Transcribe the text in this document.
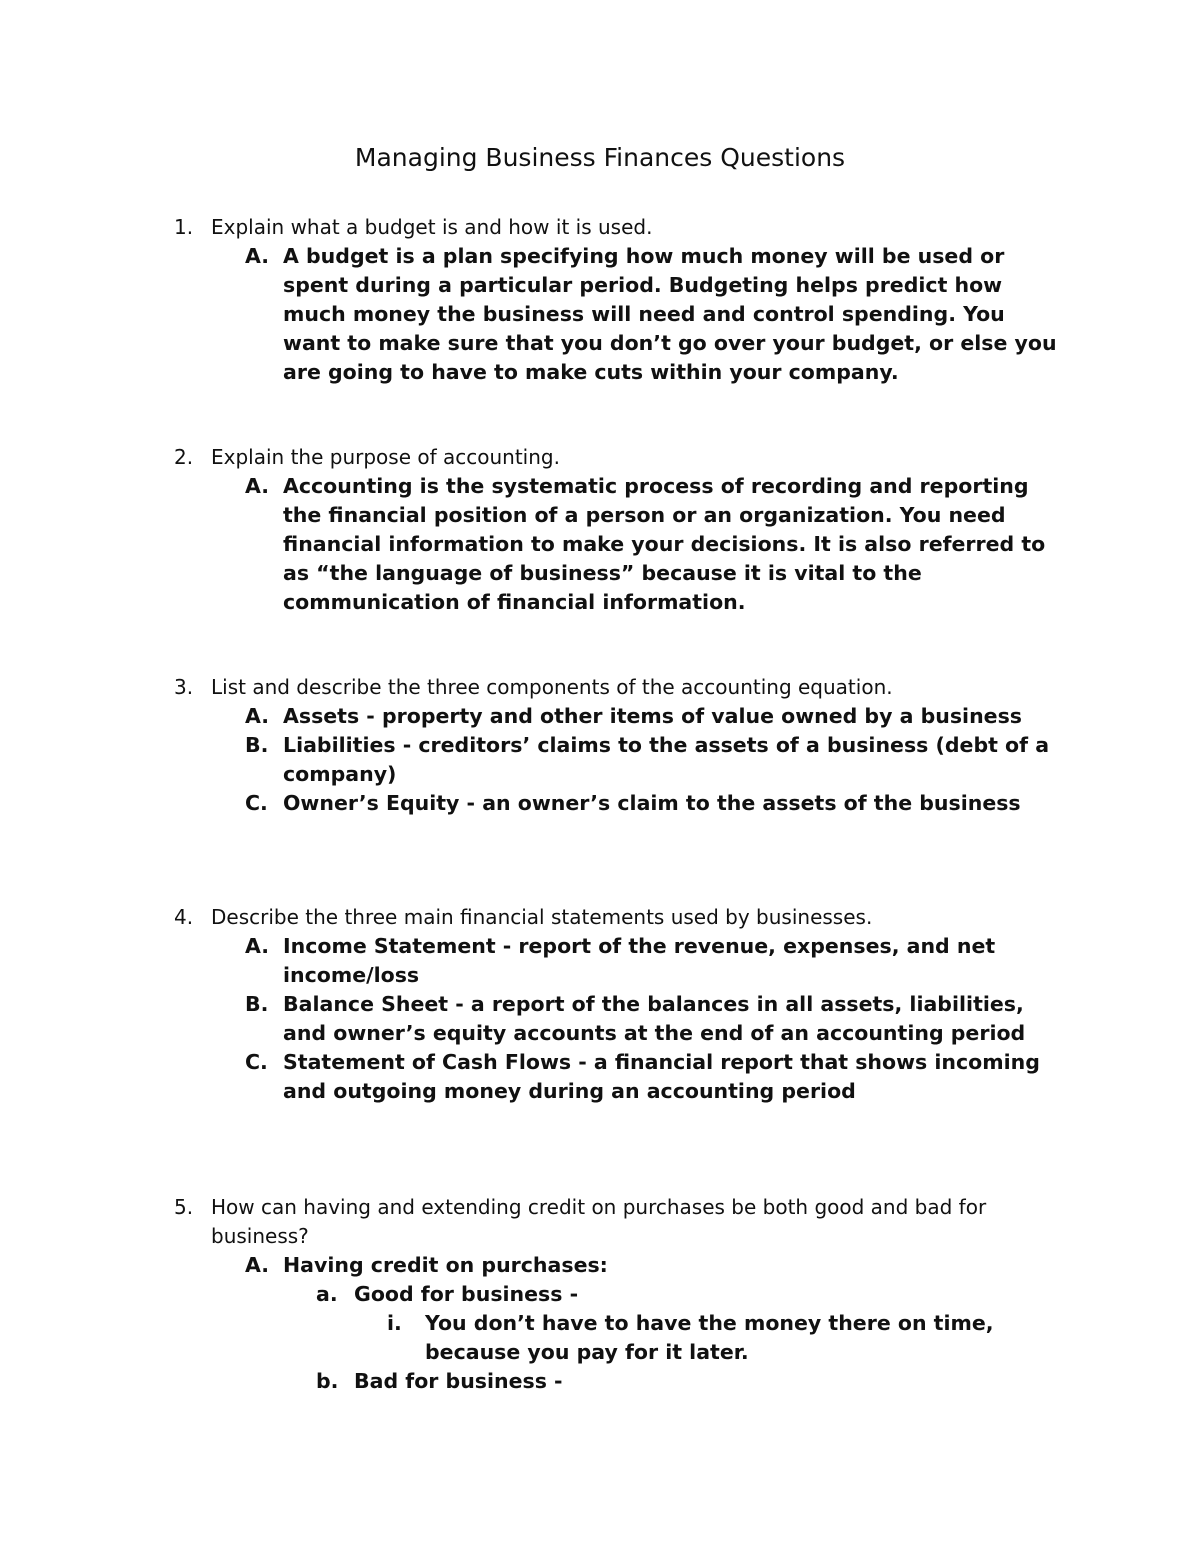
Managing Business Finances Questions
1. Explain what a budget is and how it is used.
A. A budget is a plan specifying how much money will be used or spent during a particular period. Budgeting helps predict how much money the business will need and control spending. You want to make sure that you don’t go over your budget, or else you are going to have to make cuts within your company.
2. Explain the purpose of accounting.
A. Accounting is the systematic process of recording and reporting the financial position of a person or an organization. You need financial information to make your decisions. It is also referred to as “the language of business” because it is vital to the communication of financial information.
3. List and describe the three components of the accounting equation.
A. Assets - property and other items of value owned by a business
B. Liabilities - creditors’ claims to the assets of a business (debt of a company)
C. Owner’s Equity - an owner’s claim to the assets of the business
4. Describe the three main financial statements used by businesses.
A. Income Statement - report of the revenue, expenses, and net income/loss
B. Balance Sheet - a report of the balances in all assets, liabilities, and owner’s equity accounts at the end of an accounting period
C. Statement of Cash Flows - a financial report that shows incoming and outgoing money during an accounting period
5. How can having and extending credit on purchases be both good and bad for business?
A. Having credit on purchases:
a. Good for business -
i.	You don’t have to have the money there on time, because you pay for it later.
b. Bad for business -
